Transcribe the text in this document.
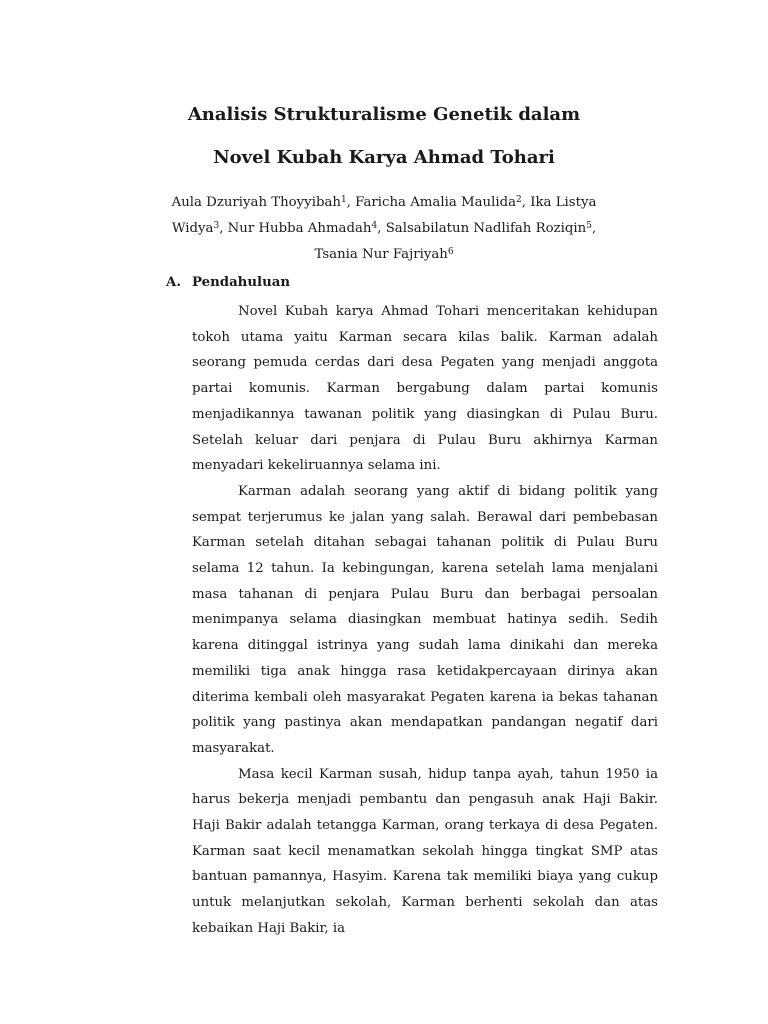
Analisis Strukturalisme Genetik dalam
Novel Kubah Karya Ahmad Tohari
Aula Dzuriyah Thoyyibah$^1$, Faricha Amalia Maulida$^2$, Ika Listya Widya$^3$, Nur Hubba Ahmadah$^4$, Salsabilatun Nadlifah Roziqin$^5$, Tsania Nur Fajriyah$^6$
A. Pendahuluan

Novel Kubah karya Ahmad Tohari menceritakan kehidupan tokoh utama yaitu Karman secara kilas balik. Karman adalah seorang pemuda cerdas dari desa Pegaten yang menjadi anggota partai komunis. Karman bergabung dalam partai komunis menjadikannya tawanan politik yang diasingkan di Pulau Buru. Setelah keluar dari penjara di Pulau Buru akhirnya Karman menyadari kekeliruannya selama ini.

Karman adalah seorang yang aktif di bidang politik yang sempat terjerumus ke jalan yang salah. Berawal dari pembebasan Karman setelah ditahan sebagai tahanan politik di Pulau Buru selama 12 tahun. Ia kebingungan, karena setelah lama menjalani masa tahanan di penjara Pulau Buru dan berbagai persoalan menimpanya selama diasingkan membuat hatinya sedih. Sedih karena ditinggal istrinya yang sudah lama dinikahi dan mereka memiliki tiga anak hingga rasa ketidakpercayaan dirinya akan diterima kembali oleh masyarakat Pegaten karena ia bekas tahanan politik yang pastinya akan mendapatkan pandangan negatif dari masyarakat.

Masa kecil Karman susah, hidup tanpa ayah, tahun 1950 ia harus bekerja menjadi pembantu dan pengasuh anak Haji Bakir. Haji Bakir adalah tetangga Karman, orang terkaya di desa Pegaten. Karman saat kecil menamatkan sekolah hingga tingkat SMP atas bantuan pamannya, Hasyim. Karena tak memiliki biaya yang cukup untuk melanjutkan sekolah, Karman berhenti sekolah dan atas kebaikan Haji Bakir, ia
